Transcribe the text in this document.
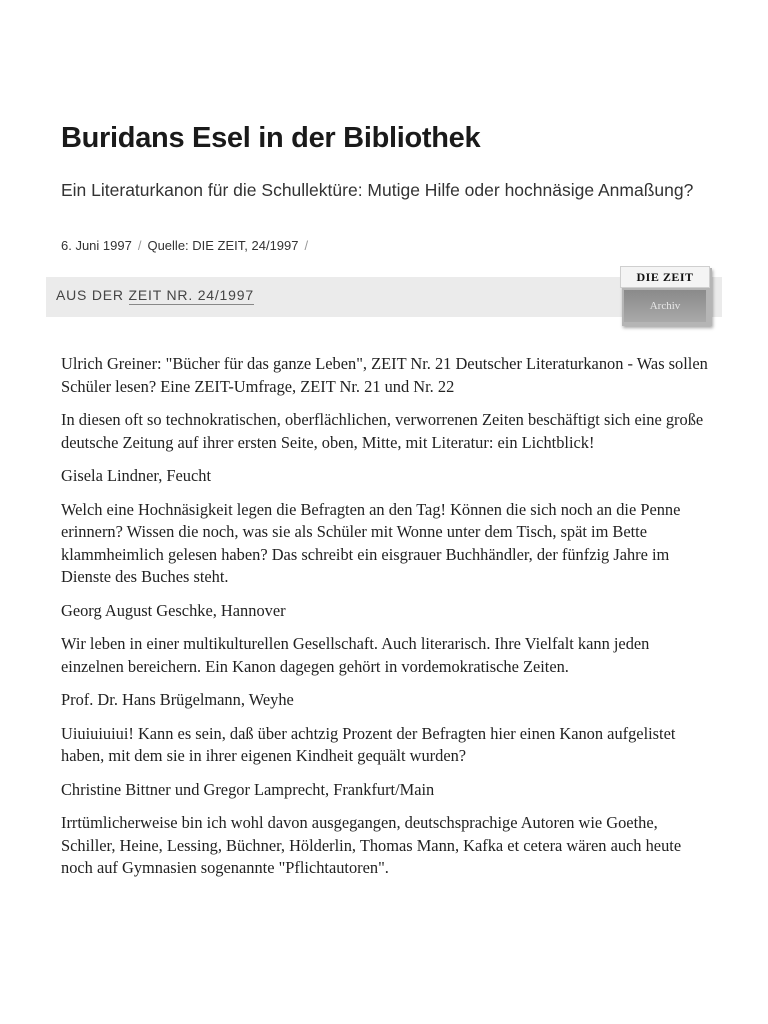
Buridans Esel in der Bibliothek

Ein Literaturkanon für die Schullektüre: Mutige Hilfe oder hochnäsige Anmaßung?

6. Juni 1997 / Quelle: DIE ZEIT, 24/1997 /
AUS DER ZEIT NR. 24/1997
DIE ZEIT
Archiv

Ulrich Greiner: "Bücher für das ganze Leben", ZEIT Nr. 21 Deutscher Literaturkanon - Was sollen Schüler lesen? Eine ZEIT-Umfrage, ZEIT Nr. 21 und Nr. 22

In diesen oft so technokratischen, oberflächlichen, verworrenen Zeiten beschäftigt sich eine große deutsche Zeitung auf ihrer ersten Seite, oben, Mitte, mit Literatur: ein Lichtblick!

Gisela Lindner, Feucht

Welch eine Hochnäsigkeit legen die Befragten an den Tag! Können die sich noch an die Penne erinnern? Wissen die noch, was sie als Schüler mit Wonne unter dem Tisch, spät im Bette klammheimlich gelesen haben? Das schreibt ein eisgrauer Buchhändler, der fünfzig Jahre im Dienste des Buches steht.

Georg August Geschke, Hannover

Wir leben in einer multikulturellen Gesellschaft. Auch literarisch. Ihre Vielfalt kann jeden einzelnen bereichern. Ein Kanon dagegen gehört in vordemokratische Zeiten.

Prof. Dr. Hans Brügelmann, Weyhe

Uiuiuiuiui! Kann es sein, daß über achtzig Prozent der Befragten hier einen Kanon aufgelistet haben, mit dem sie in ihrer eigenen Kindheit gequält wurden?

Christine Bittner und Gregor Lamprecht, Frankfurt/Main

Irrtümlicherweise bin ich wohl davon ausgegangen, deutschsprachige Autoren wie Goethe, Schiller, Heine, Lessing, Büchner, Hölderlin, Thomas Mann, Kafka et cetera wären auch heute noch auf Gymnasien sogenannte "Pflichtautoren".
